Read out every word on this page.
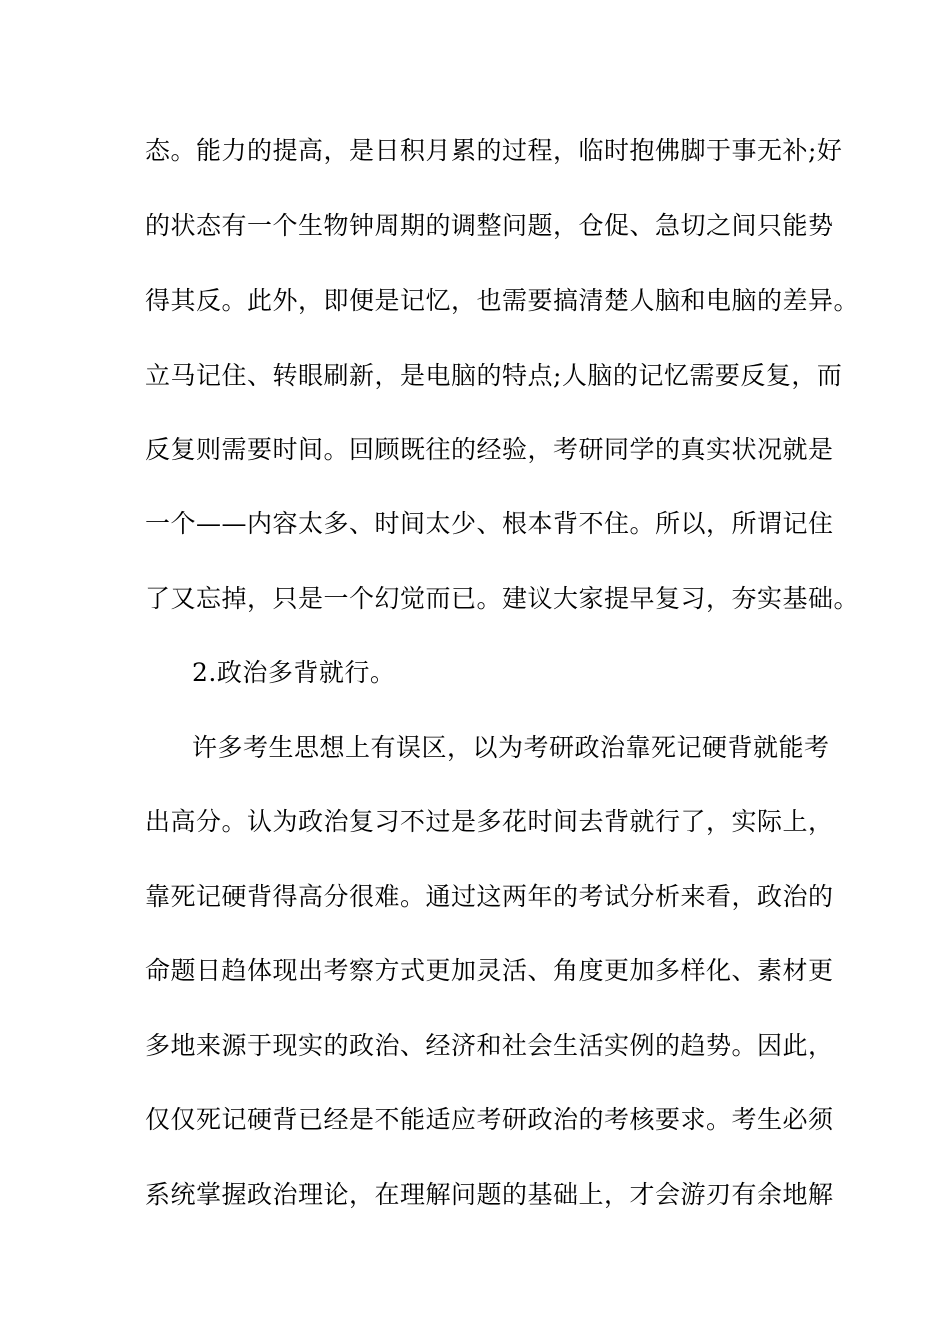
态。能力的提高，是日积月累的过程，临时抱佛脚于事无补;好
的状态有一个生物钟周期的调整问题，仓促、急切之间只能势
得其反。此外，即便是记忆，也需要搞清楚人脑和电脑的差异。
立马记住、转眼刷新，是电脑的特点;人脑的记忆需要反复，而
反复则需要时间。回顾既往的经验，考研同学的真实状况就是
一个——内容太多、时间太少、根本背不住。所以，所谓记住
了又忘掉，只是一个幻觉而已。建议大家提早复习，夯实基础。
2.政治多背就行。
许多考生思想上有误区，以为考研政治靠死记硬背就能考
出高分。认为政治复习不过是多花时间去背就行了，实际上，
靠死记硬背得高分很难。通过这两年的考试分析来看，政治的
命题日趋体现出考察方式更加灵活、角度更加多样化、素材更
多地来源于现实的政治、经济和社会生活实例的趋势。因此，
仅仅死记硬背已经是不能适应考研政治的考核要求。考生必须
系统掌握政治理论，在理解问题的基础上，才会游刃有余地解
